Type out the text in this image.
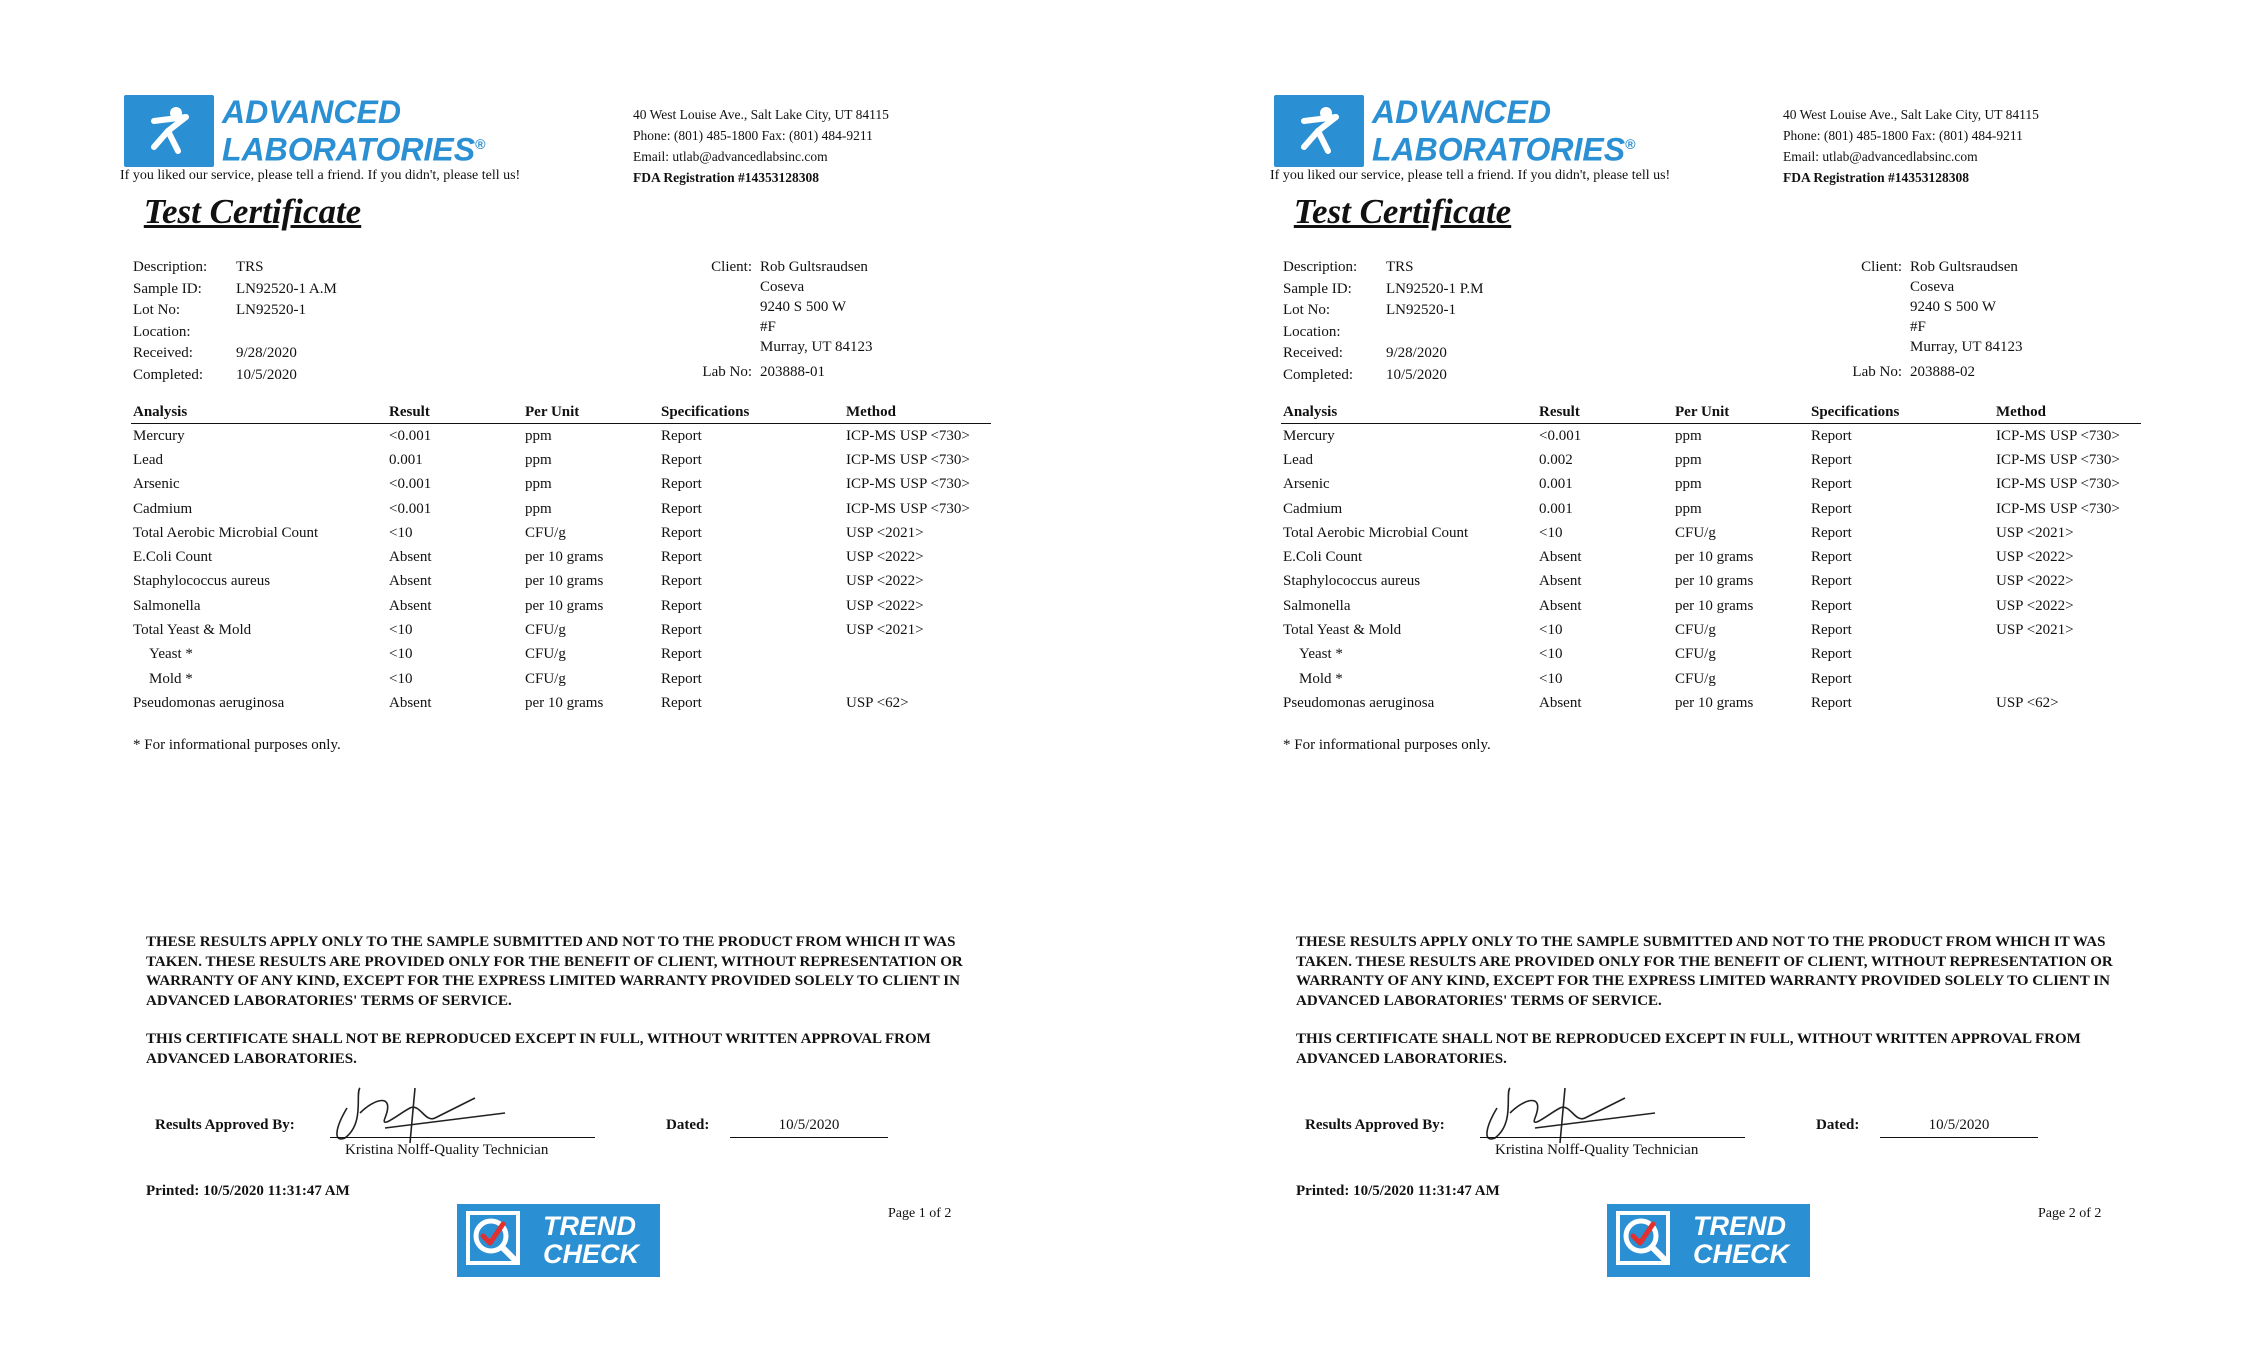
ADVANCED
LABORATORIES®
If you liked our service, please tell a friend. If you didn't, please tell us!
40 West Louise Ave., Salt Lake City, UT 84115
Phone: (801) 485-1800 Fax: (801) 484-9211
Email: utlab@advancedlabsinc.com
FDA Registration #14353128308
Test Certificate
Description:	TRS
Sample ID:	LN92520-1 A.M
Lot No:	LN92520-1
Location:
Received:	9/28/2020
Completed:	10/5/2020
Client: Rob Gultsraudsen
Coseva
9240 S 500 W
#F
Murray, UT 84123
Lab No: 203888-01
Analysis	Result	Per Unit	Specifications	Method
Mercury	<0.001	ppm	Report	ICP-MS USP <730>
Lead	0.001	ppm	Report	ICP-MS USP <730>
Arsenic	<0.001	ppm	Report	ICP-MS USP <730>
Cadmium	<0.001	ppm	Report	ICP-MS USP <730>
Total Aerobic Microbial Count	<10	CFU/g	Report	USP <2021>
E.Coli Count	Absent	per 10 grams	Report	USP <2022>
Staphylococcus aureus	Absent	per 10 grams	Report	USP <2022>
Salmonella	Absent	per 10 grams	Report	USP <2022>
Total Yeast & Mold	<10	CFU/g	Report	USP <2021>
Yeast *	<10	CFU/g	Report	
Mold *	<10	CFU/g	Report	
Pseudomonas aeruginosa	Absent	per 10 grams	Report	USP <62>
* For informational purposes only.

THESE RESULTS APPLY ONLY TO THE SAMPLE SUBMITTED AND NOT TO THE PRODUCT FROM WHICH IT WAS TAKEN. THESE RESULTS ARE PROVIDED ONLY FOR THE BENEFIT OF CLIENT, WITHOUT REPRESENTATION OR WARRANTY OF ANY KIND, EXCEPT FOR THE EXPRESS LIMITED WARRANTY PROVIDED SOLELY TO CLIENT IN ADVANCED LABORATORIES' TERMS OF SERVICE.

THIS CERTIFICATE SHALL NOT BE REPRODUCED EXCEPT IN FULL, WITHOUT WRITTEN APPROVAL FROM ADVANCED LABORATORIES.

Results Approved By:
Kristina Nolff-Quality Technician
Dated:	10/5/2020
Printed: 10/5/2020 11:31:47 AM
Page 1 of 2
TREND
CHECK
ADVANCED
LABORATORIES®
If you liked our service, please tell a friend. If you didn't, please tell us!
40 West Louise Ave., Salt Lake City, UT 84115
Phone: (801) 485-1800 Fax: (801) 484-9211
Email: utlab@advancedlabsinc.com
FDA Registration #14353128308
Test Certificate
Description:	TRS
Sample ID:	LN92520-1 P.M
Lot No:	LN92520-1
Location:
Received:	9/28/2020
Completed:	10/5/2020
Client: Rob Gultsraudsen
Coseva
9240 S 500 W
#F
Murray, UT 84123
Lab No: 203888-02
Analysis	Result	Per Unit	Specifications	Method
Mercury	<0.001	ppm	Report	ICP-MS USP <730>
Lead	0.002	ppm	Report	ICP-MS USP <730>
Arsenic	0.001	ppm	Report	ICP-MS USP <730>
Cadmium	0.001	ppm	Report	ICP-MS USP <730>
Total Aerobic Microbial Count	<10	CFU/g	Report	USP <2021>
E.Coli Count	Absent	per 10 grams	Report	USP <2022>
Staphylococcus aureus	Absent	per 10 grams	Report	USP <2022>
Salmonella	Absent	per 10 grams	Report	USP <2022>
Total Yeast & Mold	<10	CFU/g	Report	USP <2021>
Yeast *	<10	CFU/g	Report	
Mold *	<10	CFU/g	Report	
Pseudomonas aeruginosa	Absent	per 10 grams	Report	USP <62>
* For informational purposes only.

THESE RESULTS APPLY ONLY TO THE SAMPLE SUBMITTED AND NOT TO THE PRODUCT FROM WHICH IT WAS TAKEN. THESE RESULTS ARE PROVIDED ONLY FOR THE BENEFIT OF CLIENT, WITHOUT REPRESENTATION OR WARRANTY OF ANY KIND, EXCEPT FOR THE EXPRESS LIMITED WARRANTY PROVIDED SOLELY TO CLIENT IN ADVANCED LABORATORIES' TERMS OF SERVICE.

THIS CERTIFICATE SHALL NOT BE REPRODUCED EXCEPT IN FULL, WITHOUT WRITTEN APPROVAL FROM ADVANCED LABORATORIES.

Results Approved By:
Kristina Nolff-Quality Technician
Dated:	10/5/2020
Printed: 10/5/2020 11:31:47 AM
Page 2 of 2
TREND
CHECK
